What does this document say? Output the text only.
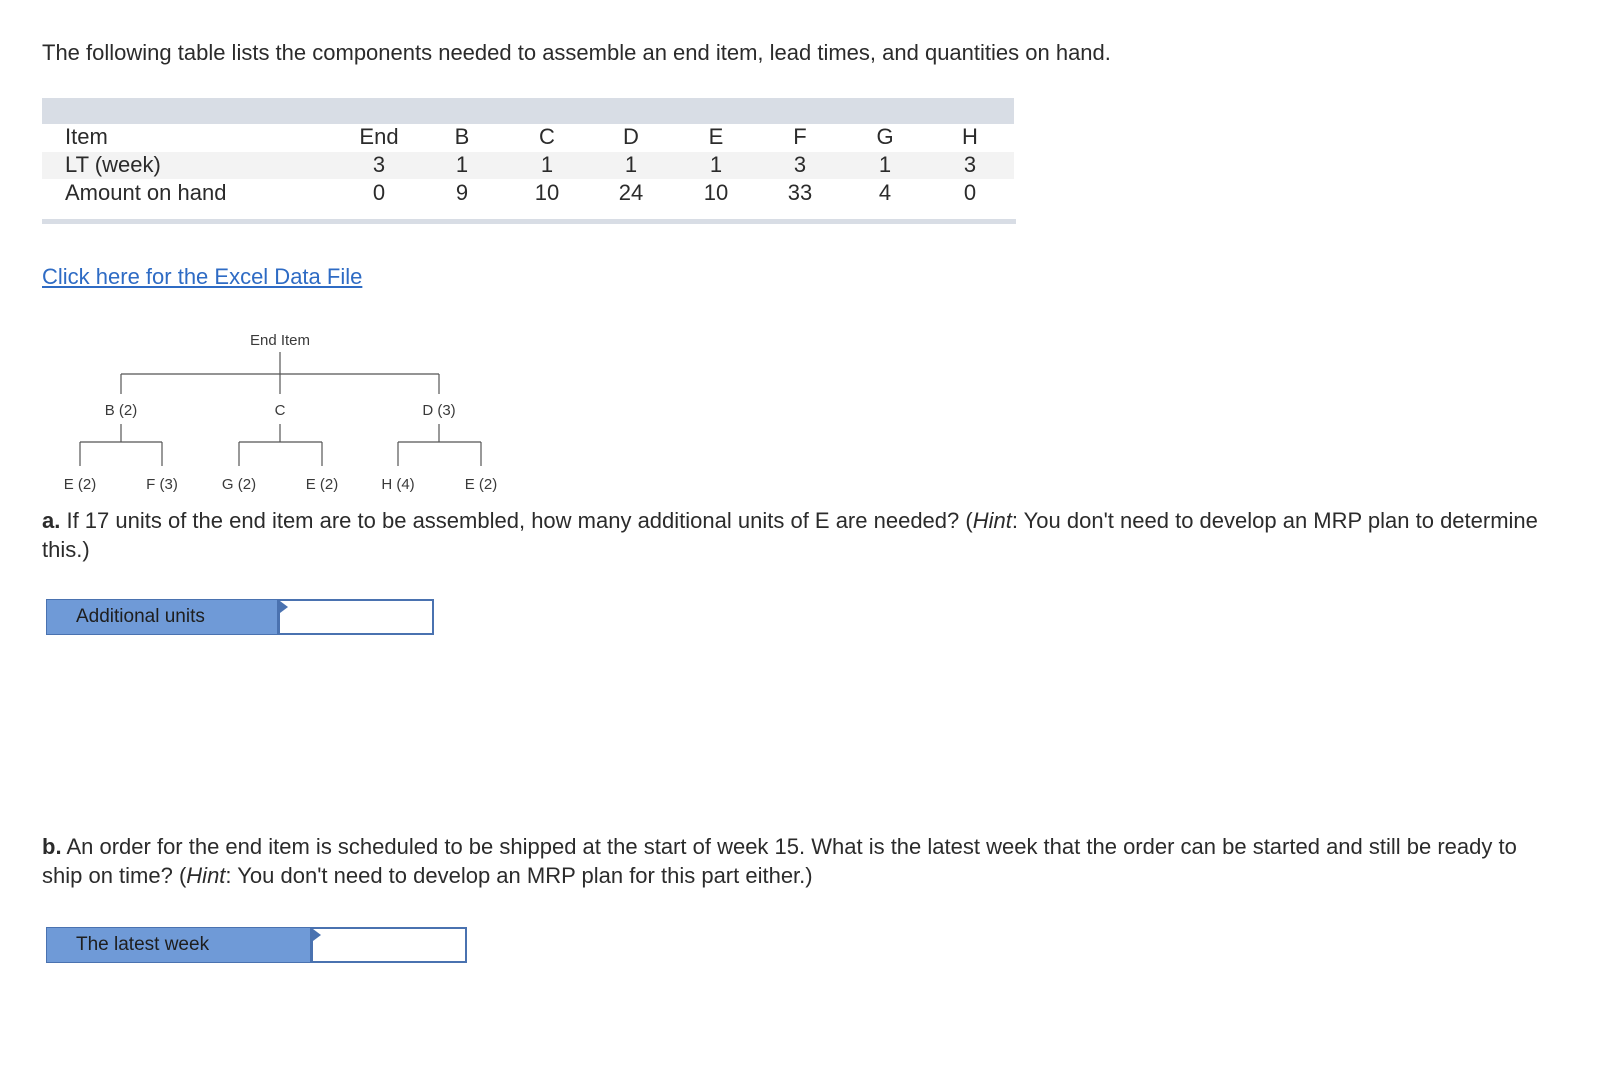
The following table lists the components needed to assemble an end item, lead times, and quantities on hand.
Item	End	B	C	D	E	F	G	H
LT (week)	3	1	1	1	1	3	1	3
Amount on hand	0	9	10	24	10	33	4	0
Click here for the Excel Data File
End Item
B (2)	C	D (3)
E (2)	F (3)	G (2)	E (2)	H (4)	E (2)
a. If 17 units of the end item are to be assembled, how many additional units of E are needed? (Hint: You don't need to develop an MRP plan to determine this.)
Additional units
b. An order for the end item is scheduled to be shipped at the start of week 15. What is the latest week that the order can be started and still be ready to ship on time? (Hint: You don't need to develop an MRP plan for this part either.)
The latest week
